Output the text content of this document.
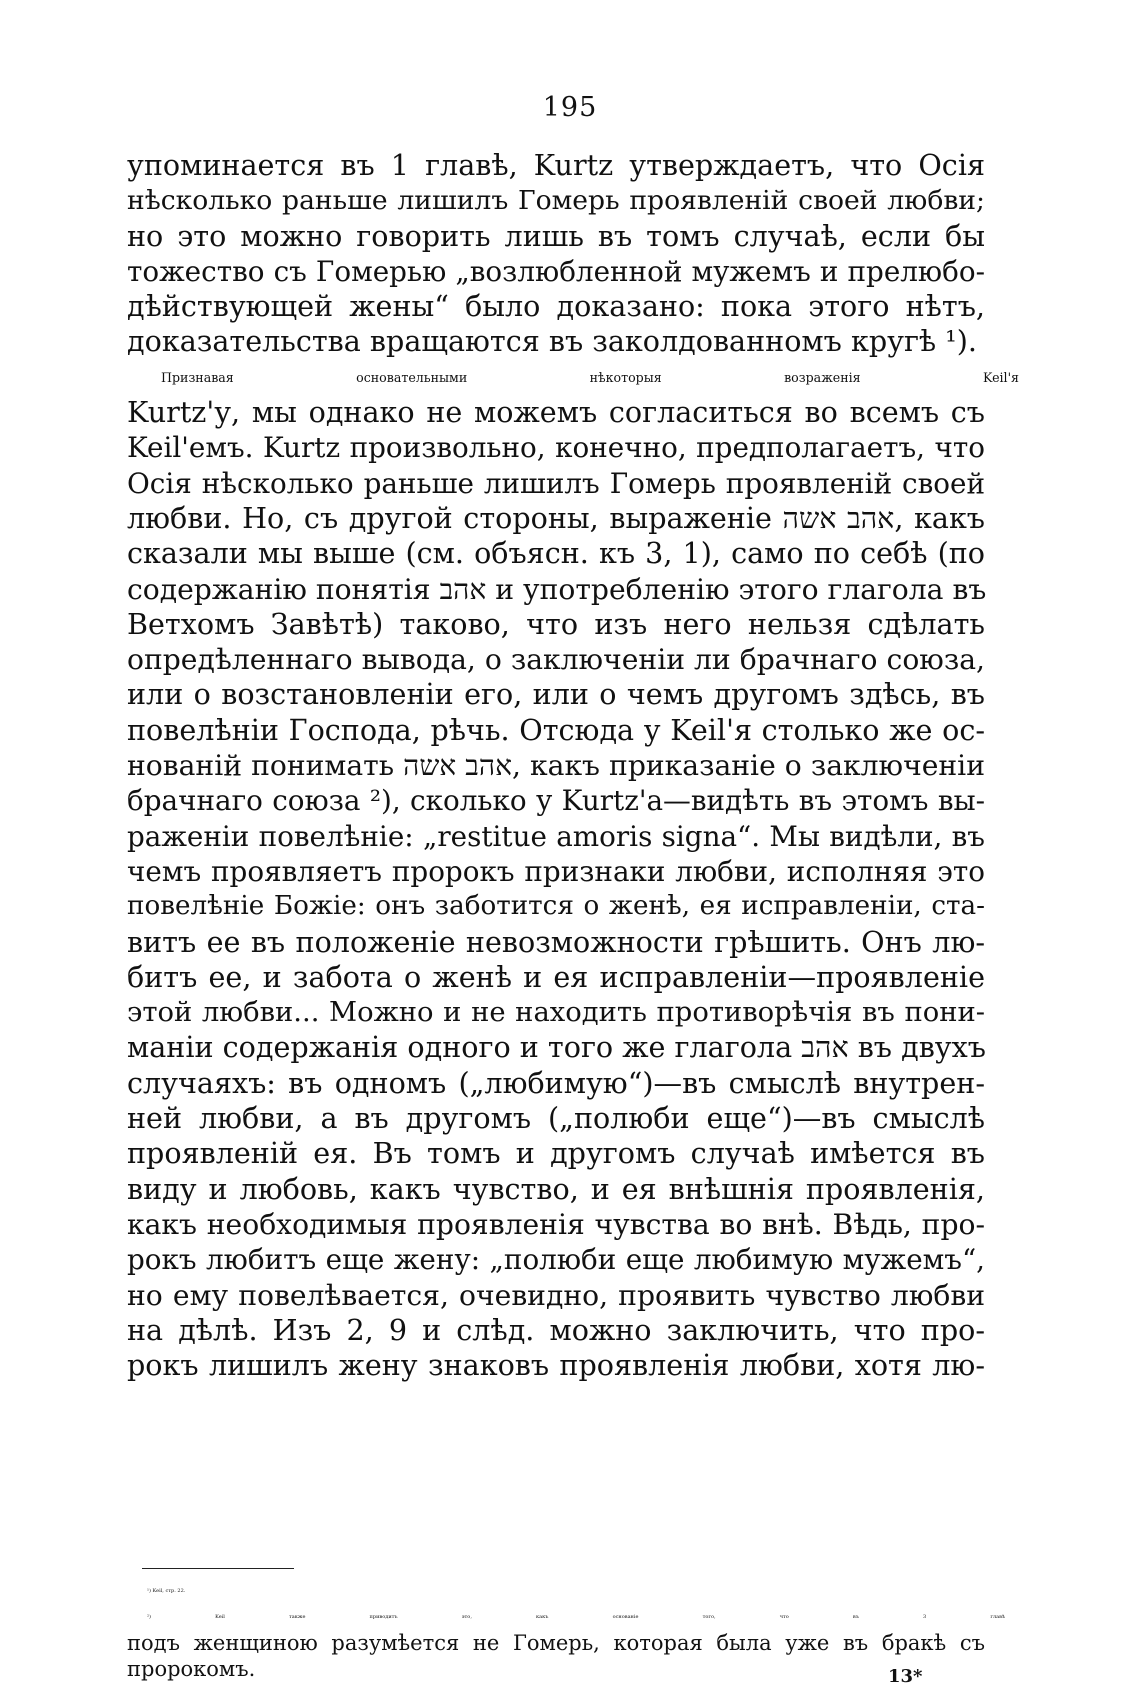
195
упоминается въ 1 главѣ, Kurtz утверждаетъ, что Осія
нѣсколько раньше лишилъ Гомерь проявленій своей любви;
но это можно говорить лишь въ томъ случаѣ, если бы
тожество съ Гомерью „возлюбленной мужемъ и прелюбо-
дѣйствующей жены“ было доказано: пока этого нѣтъ,
доказательства вращаются въ заколдованномъ кругѣ ¹).
Признавая основательными нѣкоторыя возраженія Keil'я
Kurtz'у, мы однако не можемъ согласиться во всемъ съ
Keil'емъ. Kurtz произвольно, конечно, предполагаетъ, что
Осія нѣсколько раньше лишилъ Гомерь проявленій своей
любви. Но, съ другой стороны, выраженіе אהב אשה, какъ
сказали мы выше (см. объясн. къ 3, 1), само по себѣ (по
содержанію понятія אהב и употребленію этого глагола въ
Ветхомъ Завѣтѣ) таково, что изъ него нельзя сдѣлать
опредѣленнаго вывода, о заключеніи ли брачнаго союза,
или о возстановленіи его, или о чемъ другомъ здѣсь, въ
повелѣніи Господа, рѣчь. Отсюда у Keil'я столько же ос-
нованій понимать אהב אשה, какъ приказаніе о заключеніи
брачнаго союза ²), сколько у Kurtz'а—видѣть въ этомъ вы-
раженіи повелѣніе: „restitue amoris signa“. Мы видѣли, въ
чемъ проявляетъ пророкъ признаки любви, исполняя это
повелѣніе Божіе: онъ заботится о женѣ, ея исправленіи, ста-
витъ ее въ положеніе невозможности грѣшить. Онъ лю-
битъ ее, и забота о женѣ и ея исправленіи—проявленіе
этой любви... Можно и не находить противорѣчія въ пони-
маніи содержанія одного и того же глагола אהב въ двухъ
случаяхъ: въ одномъ („любимую“)—въ смыслѣ внутрен-
ней любви, а въ другомъ („полюби еще“)—въ смыслѣ
проявленій ея. Въ томъ и другомъ случаѣ имѣется въ
виду и любовь, какъ чувство, и ея внѣшнія проявленія,
какъ необходимыя проявленія чувства во внѣ. Вѣдь, про-
рокъ любитъ еще жену: „полюби еще любимую мужемъ“,
но ему повелѣвается, очевидно, проявить чувство любви
на дѣлѣ. Изъ 2, 9 и слѣд. можно заключить, что про-
рокъ лишилъ жену знаковъ проявленія любви, хотя лю-
¹) Keil, стр. 22.
²) Keil также приводитъ это, какъ основаніе того, что въ 3 главѣ
подъ женщиною разумѣется не Гомерь, которая была уже въ бракѣ съ
пророкомъ.	13*
